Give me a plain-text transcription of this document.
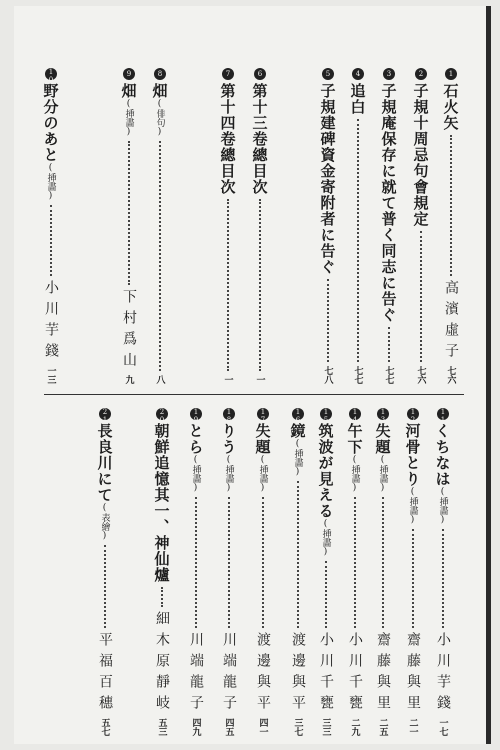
1
石火矢
高濱虛子
七六
2
子規十周忌句會規定
七六
3
子規庵保存に就て普く同志に告ぐ
七七
4
追白
七七
5
子規建碑資金寄附者に告ぐ
七八
6
第十三卷總目次
一
7
第十四卷總目次
一
8
畑(俳句)
八
9
畑(挿畵)
下村爲山
九
10
野分のあと(挿畵)
小川芋錢
一三
11
くちなは(挿畵)
小川芋錢
一七
12
河骨とり(挿畵)
齋藤與里
二一
13
失題(挿畵)
齋藤與里
二五
14
午下(挿畵)
小川千甕
二九
15
筑波が見える(挿畵)
小川千甕
三三
16
鏡(挿畵)
渡邊與平
三七
17
失題(挿畵)
渡邊與平
四一
18
りう(挿畵)
川端龍子
四五
19
とら(挿畵)
川端龍子
四九
20
朝鮮追憶其一、神仙爐
細木原靜岐
五三
21
長良川にて(表繪)
平福百穗
五七
